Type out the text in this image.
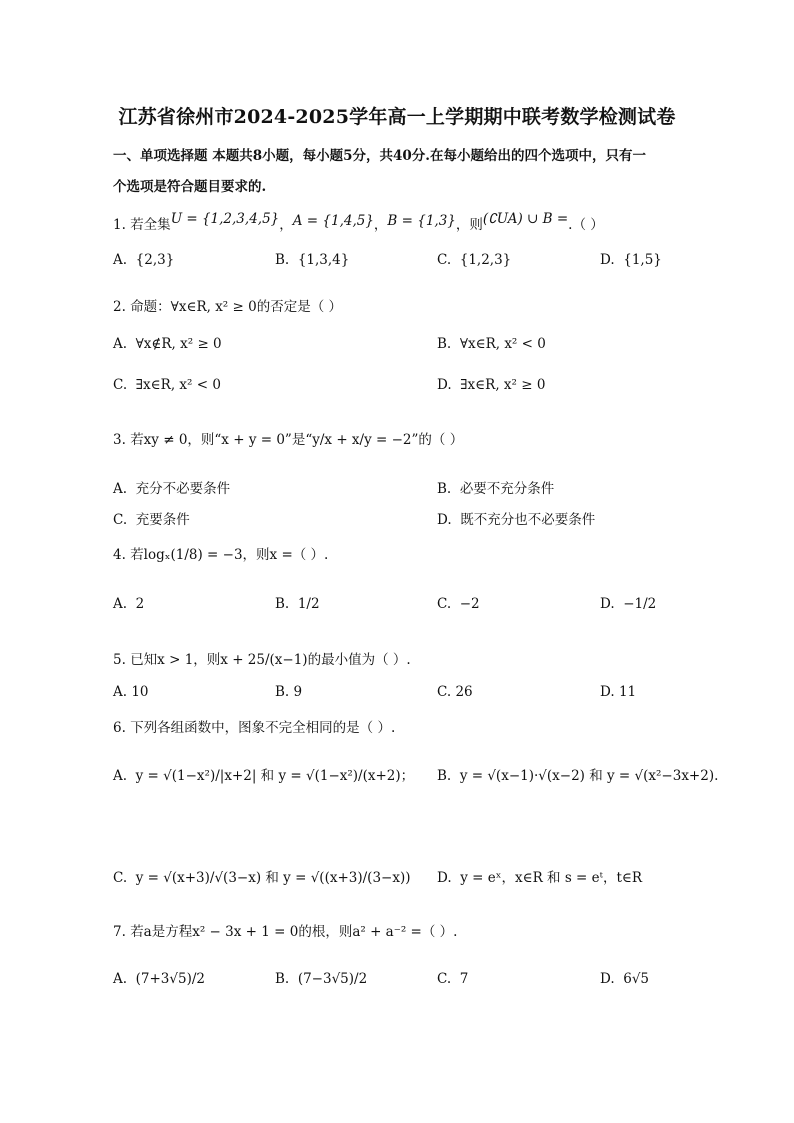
江苏省徐州市2024-2025学年高一上学期期中联考数学检测试卷
一、单项选择题 本题共8小题，每小题5分，共40分.在每小题给出的四个选项中，只有一
个选项是符合题目要求的.
1. 若全集U = {1,2,3,4,5}，A = {1,4,5}，B = {1,3}，则(∁UA) ∪ B =.（ ）
A. {2,3}	B. {1,3,4}	C. {1,2,3}	D. {1,5}
2. 命题：∀x∈R, x² ≥ 0的否定是（ ）
A. ∀x∉R, x² ≥ 0	B. ∀x∈R, x² < 0
C. ∃x∈R, x² < 0	D. ∃x∈R, x² ≥ 0
3. 若xy ≠ 0，则“x + y = 0”是“y/x + x/y = −2”的（ ）
A. 充分不必要条件	B. 必要不充分条件
C. 充要条件	D. 既不充分也不必要条件
4. 若logₓ(1/8) = −3，则x =（ ）.
A. 2	B. 1/2	C. −2	D. −1/2
5. 已知x > 1，则x + 25/(x−1)的最小值为（ ）.
A. 10	B. 9	C. 26	D. 11
6. 下列各组函数中，图象不完全相同的是（ ）.
A. y = √(1−x²)/|x+2| 和 y = √(1−x²)/(x+2)； B. y = √(x−1)·√(x−2) 和 y = √(x²−3x+2).
C. y = √(x+3)/√(3−x) 和 y = √((x+3)/(3−x)) D. y = eˣ，x∈R 和 s = eᵗ，t∈R
7. 若a是方程x² − 3x + 1 = 0的根，则a² + a⁻² =（ ）.
A. (7+3√5)/2	B. (7−3√5)/2	C. 7	D. 6√5
